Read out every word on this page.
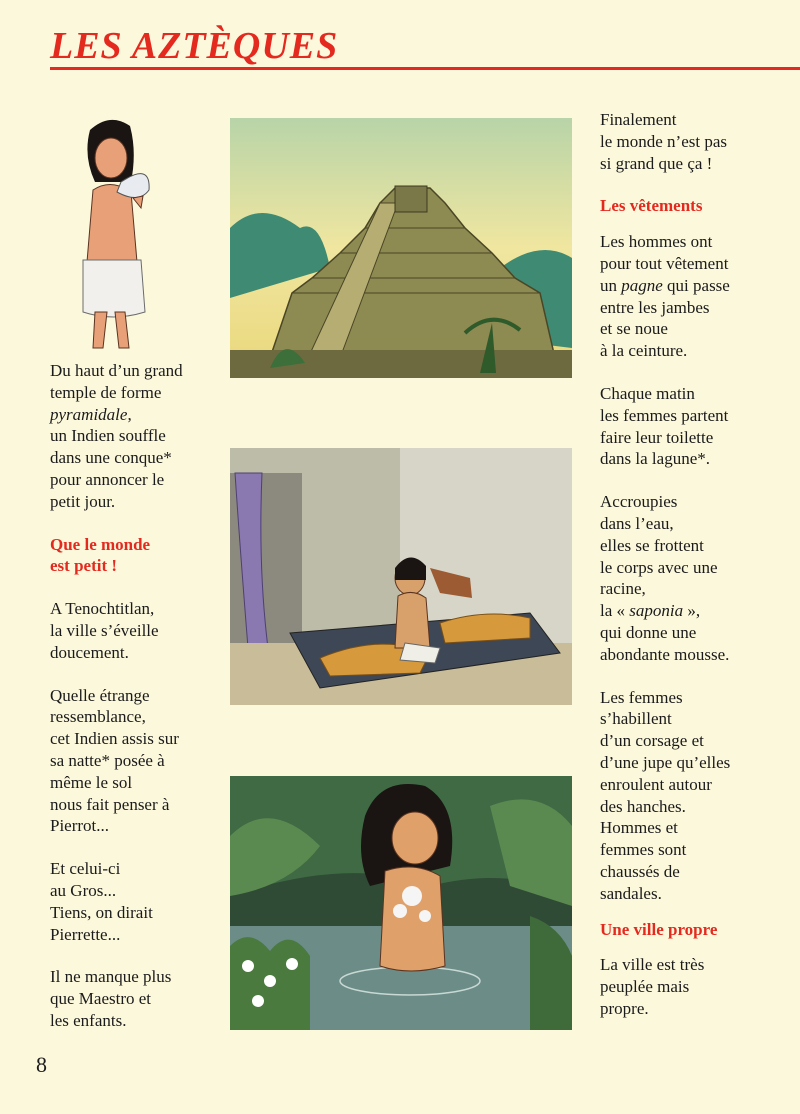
LES AZTÈQUES

Du haut d’un grand
temple de forme
pyramidale,
un Indien souffle
dans une conque*
pour annoncer le
petit jour.

Que le monde
est petit !

A Tenochtitlan,
la ville s’éveille
doucement.

Quelle étrange
ressemblance,
cet Indien assis sur
sa natte* posée à
même le sol
nous fait penser à
Pierrot...

Et celui-ci
au Gros...
Tiens, on dirait
Pierrette...

Il ne manque plus
que Maestro et
les enfants.

Finalement
le monde n’est pas
si grand que ça !

Les vêtements

Les hommes ont
pour tout vêtement
un pagne qui passe
entre les jambes
et se noue
à la ceinture.

Chaque matin
les femmes partent
faire leur toilette
dans la lagune*.

Accroupies
dans l’eau,
elles se frottent
le corps avec une
racine,
la « saponia »,
qui donne une
abondante mousse.

Les femmes
s’habillent
d’un corsage et
d’une jupe qu’elles
enroulent autour
des hanches.
Hommes et
femmes sont
chaussés de
sandales.

Une ville propre

La ville est très
peuplée mais
propre.

8
